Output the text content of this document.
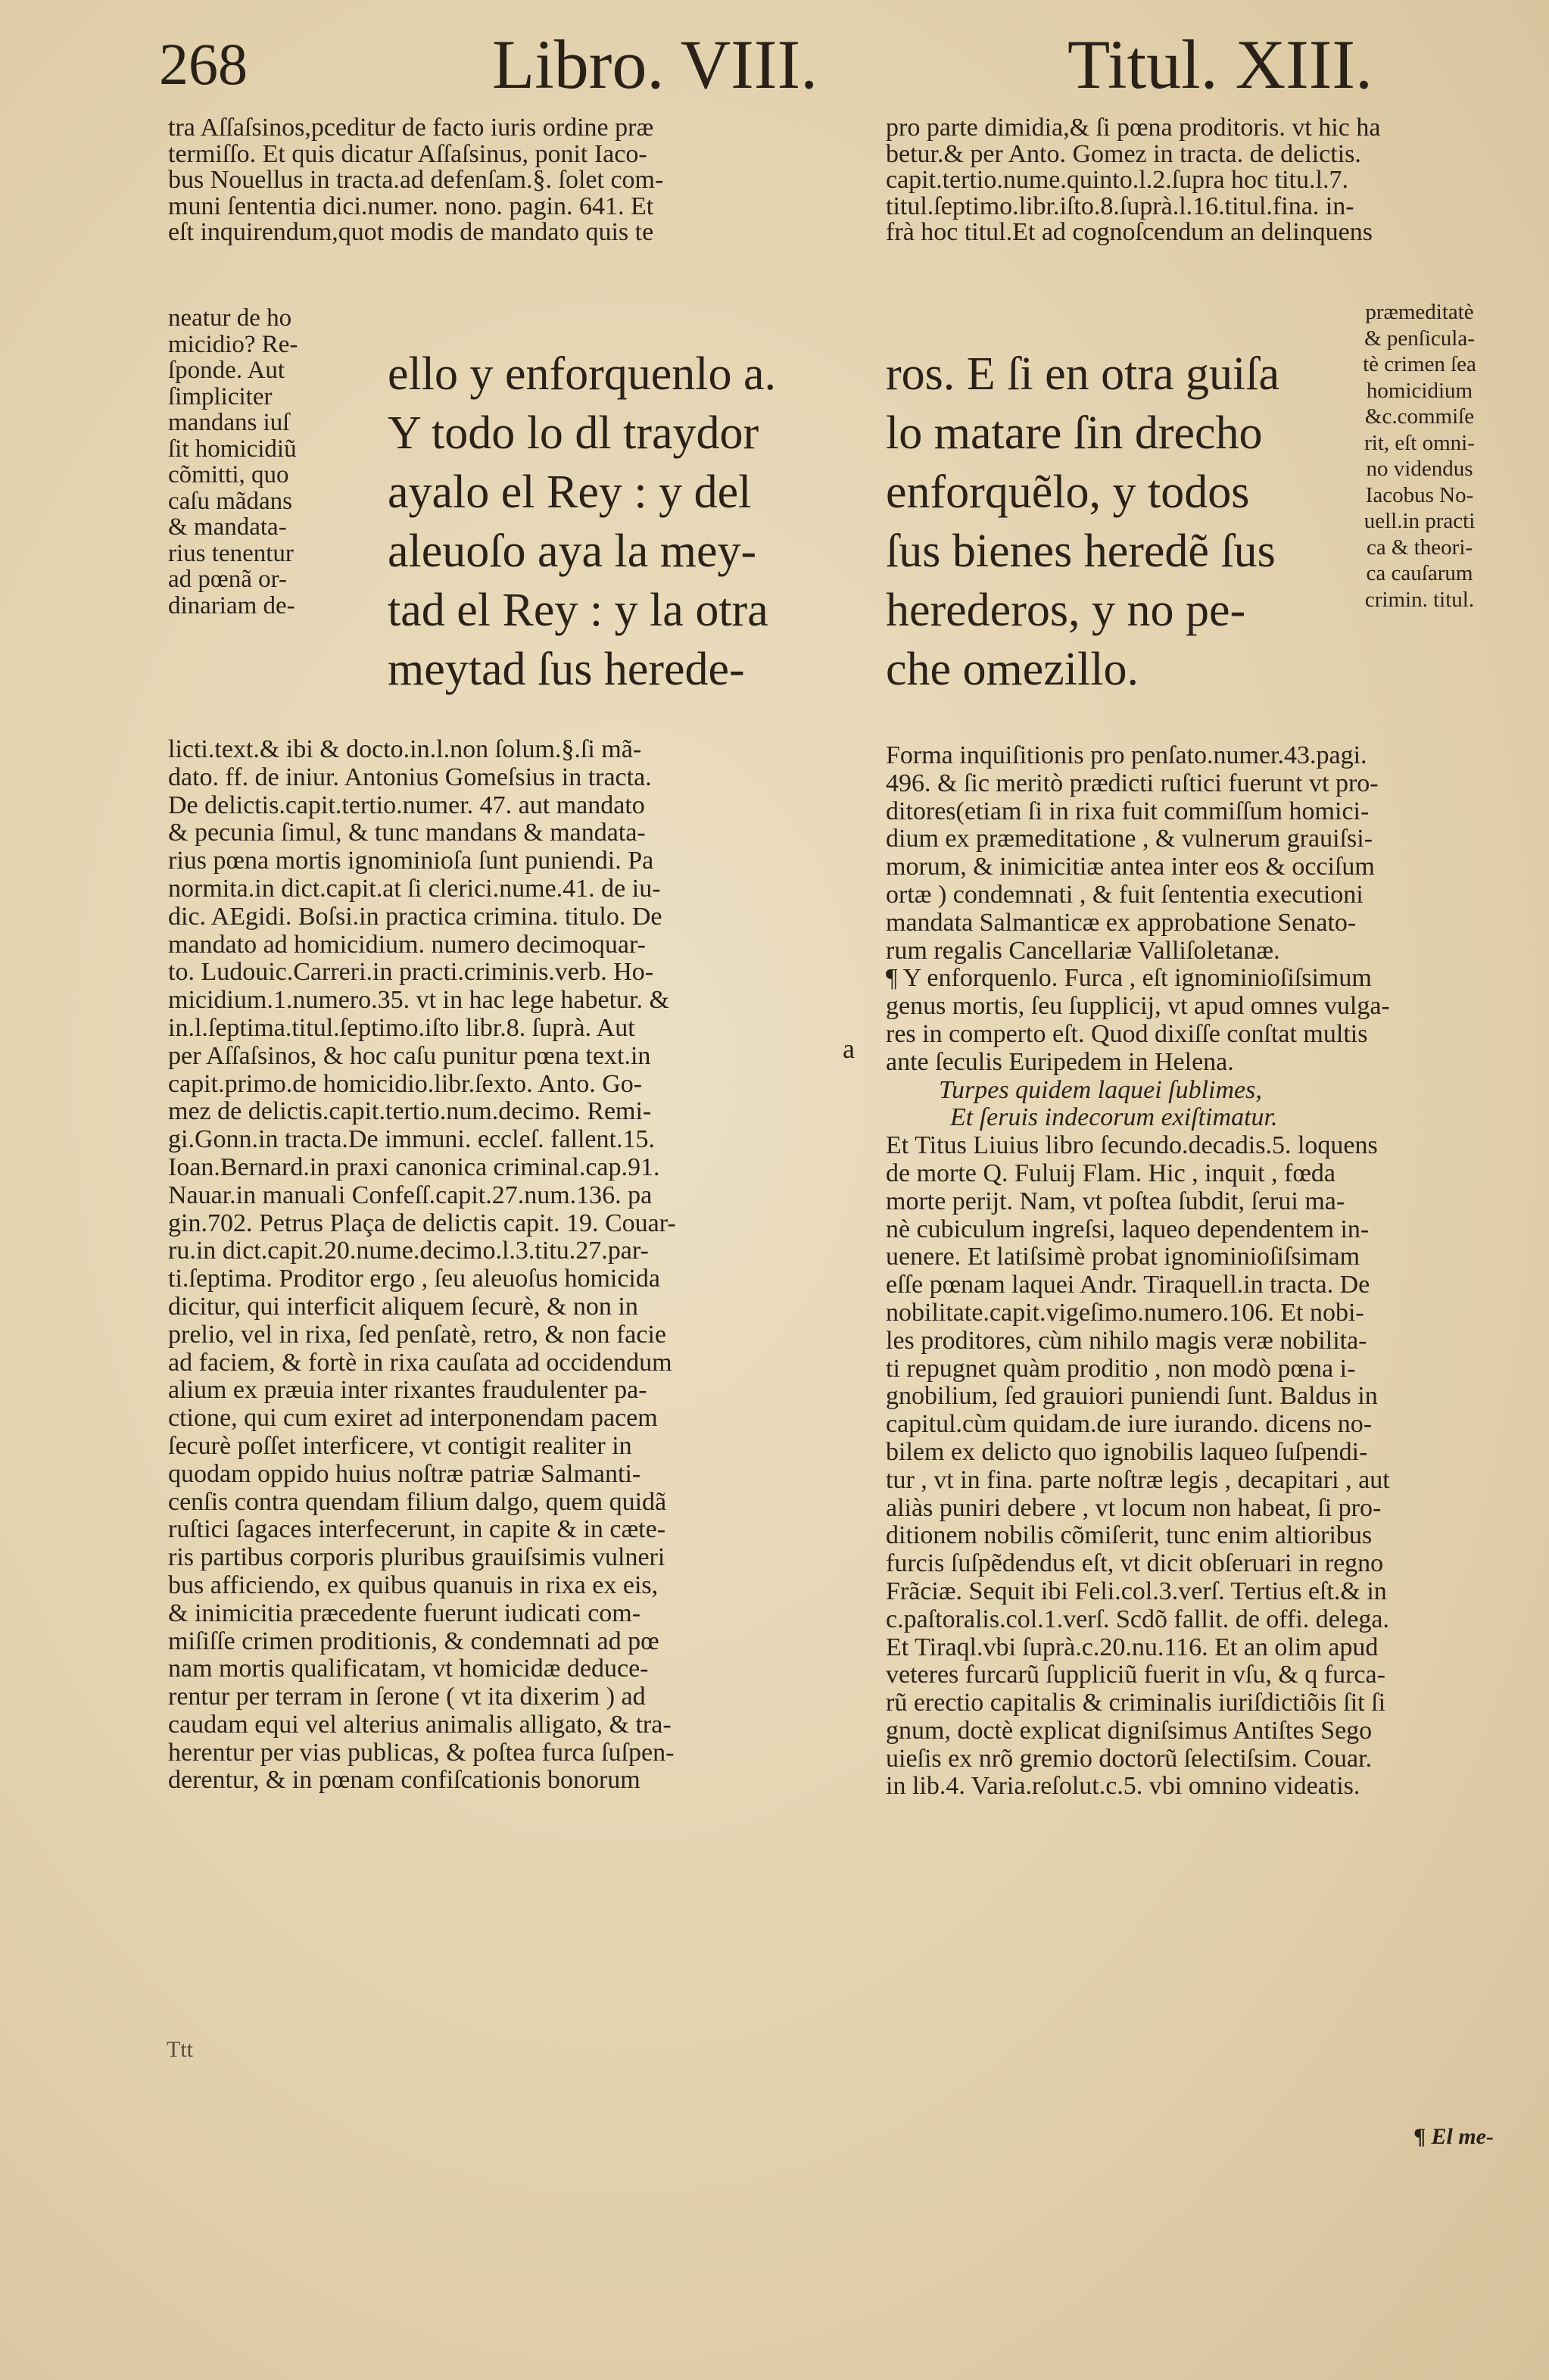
268	Libro. VIII.	Titul. XIII.
tra Aſſaſsinos,pceditur de facto iuris ordine præ
termiſſo. Et quis dicatur Aſſaſsinus, ponit Iaco-
bus Nouellus in tracta.ad defenſam.§. ſolet com-
muni ſententia dici.numer. nono. pagin. 641. Et
eſt inquirendum,quot modis de mandato quis te
neatur de ho
micidio? Re-
ſponde. Aut
ſimpliciter
mandans iuſ
ſit homicidiũ
cõmitti, quo
caſu mãdans
& mandata-
rius tenentur
ad pœnã or-
dinariam de-
ello y enforquenlo a.
Y todo lo dl traydor
ayalo el Rey : y del
aleuoſo aya la mey-
tad el Rey : y la otra
meytad ſus herede-
ros. E ſi en otra guiſa
lo matare ſin drecho
enforquẽlo, y todos
ſus bienes heredẽ ſus
herederos, y no pe-
che omezillo.
pro parte dimidia,& ſi pœna proditoris. vt hic ha
betur.& per Anto. Gomez in tracta. de delictis.
capit.tertio.nume.quinto.l.2.ſupra hoc titu.l.7.
titul.ſeptimo.libr.iſto.8.ſuprà.l.16.titul.fina. in-
frà hoc titul.Et ad cognoſcendum an delinquens
præmeditatè
& penſicula-
tè crimen ſea
homicidium
&c.commiſe
rit, eſt omni-
no videndus
Iacobus No-
uell.in practi
ca & theori-
ca cauſarum
crimin. titul.
licti.text.& ibi & docto.in.l.non ſolum.§.ſi mã-
dato. ff. de iniur. Antonius Gomeſsius in tracta.
De delictis.capit.tertio.numer. 47. aut mandato
& pecunia ſimul, & tunc mandans & mandata-
rius pœna mortis ignominioſa ſunt puniendi. Pa
normita.in dict.capit.at ſi clerici.nume.41. de iu-
dic. AEgidi. Boſsi.in practica crimina. titulo. De
mandato ad homicidium. numero decimoquar-
to. Ludouic.Carreri.in practi.criminis.verb. Ho-
micidium.1.numero.35. vt in hac lege habetur. &
in.l.ſeptima.titul.ſeptimo.iſto libr.8. ſuprà. Aut
per Aſſaſsinos, & hoc caſu punitur pœna text.in
capit.primo.de homicidio.libr.ſexto. Anto. Go-
mez de delictis.capit.tertio.num.decimo. Remi-
gi.Gonn.in tracta.De immuni. eccleſ. fallent.15.
Ioan.Bernard.in praxi canonica criminal.cap.91.
Nauar.in manuali Confeſſ.capit.27.num.136. pa
gin.702. Petrus Plaça de delictis capit. 19. Couar-
ru.in dict.capit.20.nume.decimo.l.3.titu.27.par-
ti.ſeptima. Proditor ergo , ſeu aleuoſus homicida
dicitur, qui interficit aliquem ſecurè, & non in
prelio, vel in rixa, ſed penſatè, retro, & non facie
ad faciem, & fortè in rixa cauſata ad occidendum
alium ex præuia inter rixantes fraudulenter pa-
ctione, qui cum exiret ad interponendam pacem
ſecurè poſſet interficere, vt contigit realiter in
quodam oppido huius noſtræ patriæ Salmanti-
cenſis contra quendam filium dalgo, quem quidã
ruſtici ſagaces interfecerunt, in capite & in cæte-
ris partibus corporis pluribus grauiſsimis vulneri
bus afficiendo, ex quibus quanuis in rixa ex eis,
& inimicitia præcedente fuerunt iudicati com-
miſiſſe crimen proditionis, & condemnati ad pœ
nam mortis qualificatam, vt homicidæ deduce-
rentur per terram in ſerone ( vt ita dixerim ) ad
caudam equi vel alterius animalis alligato, & tra-
herentur per vias publicas, & poſtea furca ſuſpen-
derentur, & in pœnam confiſcationis bonorum
a
Forma inquiſitionis pro penſato.numer.43.pagi.
496. & ſic meritò prædicti ruſtici fuerunt vt pro-
ditores(etiam ſi in rixa fuit commiſſum homici-
dium ex præmeditatione , & vulnerum grauiſsi-
morum, & inimicitiæ antea inter eos & occiſum
ortæ ) condemnati , & fuit ſententia executioni
mandata Salmanticæ ex approbatione Senato-
rum regalis Cancellariæ Valliſoletanæ.
¶ Y enforquenlo. Furca , eſt ignominioſiſsimum
genus mortis, ſeu ſupplicij, vt apud omnes vulga-
res in comperto eſt. Quod dixiſſe conſtat multis
ante ſeculis Euripedem in Helena.
Turpes quidem laquei ſublimes,
Et ſeruis indecorum exiſtimatur.
Et Titus Liuius libro ſecundo.decadis.5. loquens
de morte Q. Fuluij Flam. Hic , inquit , fœda
morte perijt. Nam, vt poſtea ſubdit, ſerui ma-
nè cubiculum ingreſsi, laqueo dependentem in-
uenere. Et latiſsimè probat ignominioſiſsimam
eſſe pœnam laquei Andr. Tiraquell.in tracta. De
nobilitate.capit.vigeſimo.numero.106. Et nobi-
les proditores, cùm nihilo magis veræ nobilita-
ti repugnet quàm proditio , non modò pœna i-
gnobilium, ſed grauiori puniendi ſunt. Baldus in
capitul.cùm quidam.de iure iurando. dicens no-
bilem ex delicto quo ignobilis laqueo ſuſpendi-
tur , vt in fina. parte noſtræ legis , decapitari , aut
aliàs puniri debere , vt locum non habeat, ſi pro-
ditionem nobilis cõmiſerit, tunc enim altioribus
furcis ſuſpẽdendus eſt, vt dicit obſeruari in regno
Frãciæ. Sequit ibi Feli.col.3.verſ. Tertius eſt.& in
c.paſtoralis.col.1.verſ. Scdõ fallit. de offi. delega.
Et Tiraql.vbi ſuprà.c.20.nu.116. Et an olim apud
veteres furcarũ ſuppliciũ fuerit in vſu, & q furca-
rũ erectio capitalis & criminalis iuriſdictiõis ſit ſi
gnum, doctè explicat digniſsimus Antiſtes Sego
uieſis ex nrõ gremio doctorũ ſelectiſsim. Couar.
in lib.4. Varia.reſolut.c.5. vbi omnino videatis.
Ttt
¶ El me-
